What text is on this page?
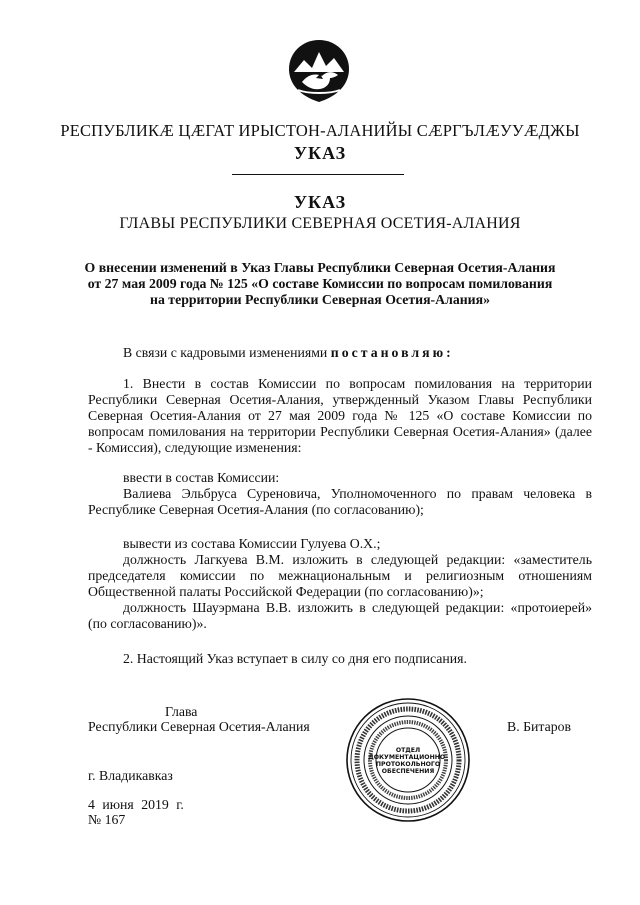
РЕСПУБЛИКÆ ЦÆГАТ ИРЫСТОН-АЛАНИЙЫ СÆРГЪЛÆУУÆДЖЫ
УКАЗ
УКАЗ
ГЛАВЫ РЕСПУБЛИКИ СЕВЕРНАЯ ОСЕТИЯ-АЛАНИЯ
О внесении изменений в Указ Главы Республики Северная Осетия-Алания
от 27 мая 2009 года № 125 «О составе Комиссии по вопросам помилования
на территории Республики Северная Осетия-Алания»
В связи с кадровыми изменениями постановляю:
1. Внести в состав Комиссии по вопросам помилования на территории Республики Северная Осетия-Алания, утвержденный Указом Главы Республики Северная Осетия-Алания от 27 мая 2009 года № 125 «О составе Комиссии по вопросам помилования на территории Республики Северная Осетия-Алания» (далее - Комиссия), следующие изменения:
ввести в состав Комиссии:
Валиева Эльбруса Суреновича, Уполномоченного по правам человека в Республике Северная Осетия-Алания (по согласованию);
вывести из состава Комиссии Гулуева О.Х.;
должность Лагкуева В.М. изложить в следующей редакции: «заместитель председателя комиссии по межнациональным и религиозным отношениям Общественной палаты Российской Федерации (по согласованию)»;
должность Шауэрмана В.В. изложить в следующей редакции: «протоиерей» (по согласованию)».
2. Настоящий Указ вступает в силу со дня его подписания.
Глава
Республики Северная Осетия-Алания	В. Битаров
ОТДЕЛ
ДОКУМЕНТАЦИОННО-
ПРОТОКОЛЬНОГО
ОБЕСПЕЧЕНИЯ
г. Владикавказ
4 июня 2019 г.
№ 167
